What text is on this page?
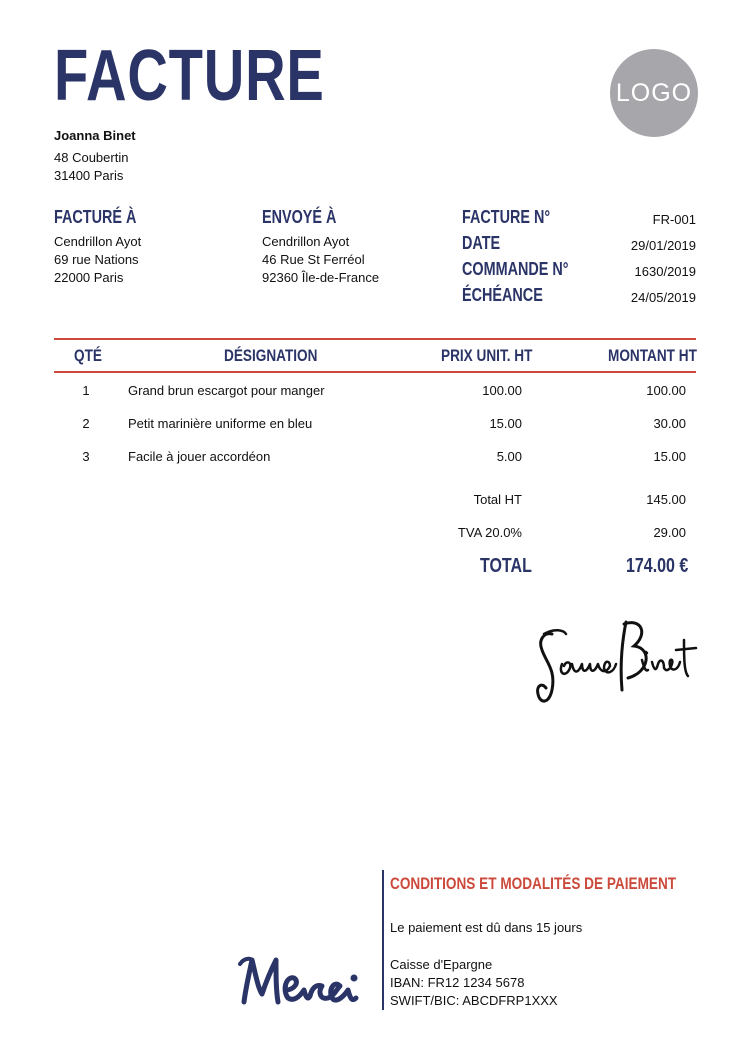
FACTURE	LOGO
Joanna Binet
48 Coubertin
31400 Paris
FACTURÉ À
Cendrillon Ayot
69 rue Nations
22000 Paris
ENVOYÉ À
Cendrillon Ayot
46 Rue St Ferréol
92360 Île-de-France
FACTURE N°	FR-001
DATE	29/01/2019
COMMANDE N°	1630/2019
ÉCHÉANCE	24/05/2019
QTÉ	DÉSIGNATION	PRIX UNIT. HT	MONTANT HT
1	Grand brun escargot pour manger	100.00	100.00
2	Petit marinière uniforme en bleu	15.00	30.00
3	Facile à jouer accordéon	5.00	15.00
Total HT	145.00
TVA 20.0%	29.00
TOTAL	174.00 €
CONDITIONS ET MODALITÉS DE PAIEMENT
Le paiement est dû dans 15 jours
Caisse d'Epargne
IBAN: FR12 1234 5678
SWIFT/BIC: ABCDFRP1XXX
